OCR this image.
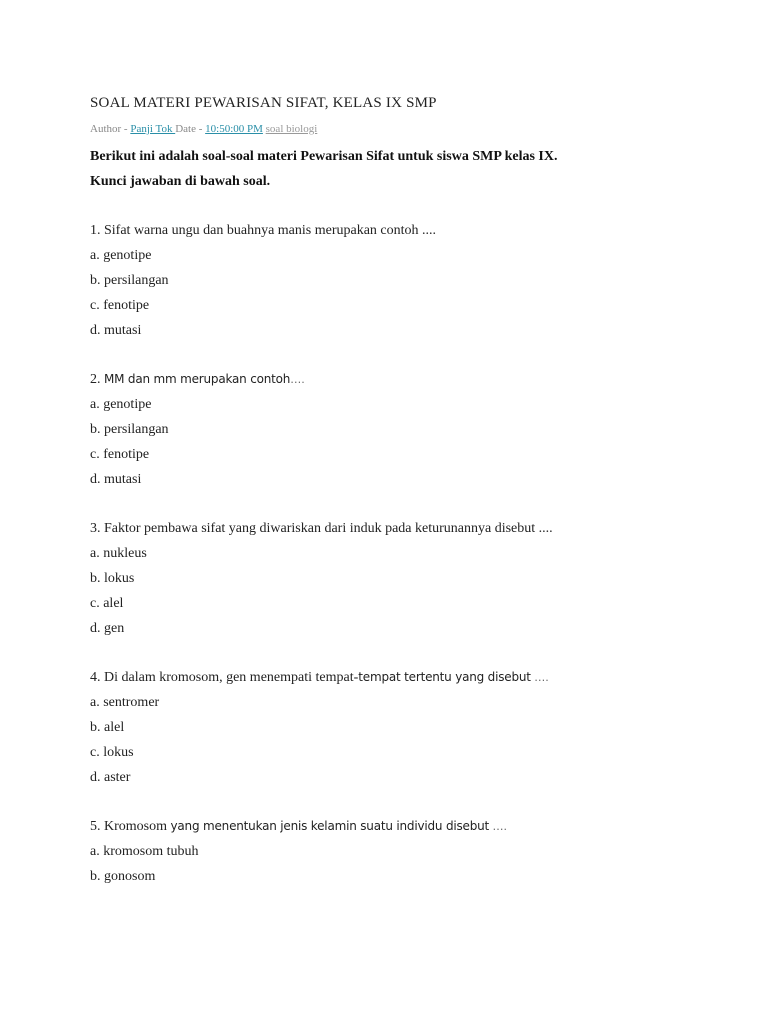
SOAL MATERI PEWARISAN SIFAT, KELAS IX SMP
Author - Panji Tok Date - 10:50:00 PM soal biologi

Berikut ini adalah soal-soal materi Pewarisan Sifat untuk siswa SMP kelas IX.

Kunci jawaban di bawah soal.

1. Sifat warna ungu dan buahnya manis merupakan contoh ....

a. genotipe

b. persilangan

c. fenotipe

d. mutasi

2. MM dan mm merupakan contoh….

a. genotipe

b. persilangan

c. fenotipe

d. mutasi

3. Faktor pembawa sifat yang diwariskan dari induk pada keturunannya disebut ....

a. nukleus

b. lokus

c. alel

d. gen

4. Di dalam kromosom, gen menempati tempat-tempat tertentu yang disebut ….

a. sentromer

b. alel

c. lokus

d. aster

5. Kromosom yang menentukan jenis kelamin suatu individu disebut ….

a. kromosom tubuh

b. gonosom
